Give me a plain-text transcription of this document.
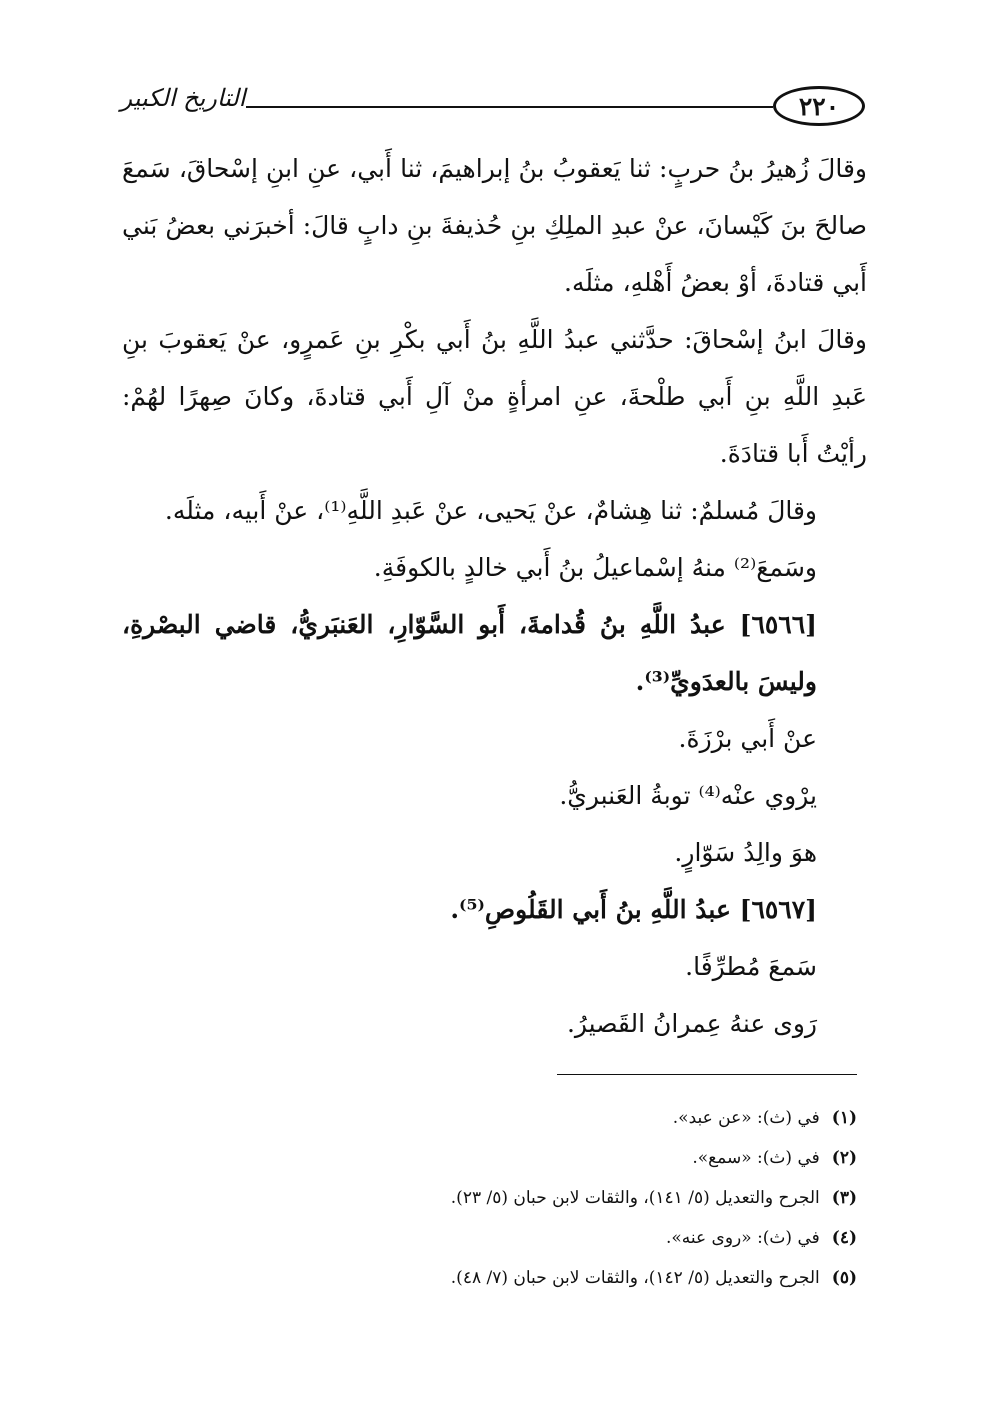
التاريخ الكبير	٢٢٠

وقالَ زُهيرُ بنُ حربٍ: ثنا يَعقوبُ بنُ إبراهيمَ، ثنا أَبي، عنِ ابنِ إسْحاقَ، سَمعَ صالحَ بنَ كَيْسانَ، عنْ عبدِ الملِكِ بنِ حُذيفةَ بنِ دابٍ قالَ: أخبرَني بعضُ بَني أَبي قتادةَ، أوْ بعضُ أَهْلهِ، مثلَه.

وقالَ ابنُ إسْحاقَ: حدَّثني عبدُ اللَّهِ بنُ أَبي بكْرِ بنِ عَمرٍو، عنْ يَعقوبَ بنِ عَبدِ اللَّهِ بنِ أَبي طلْحةَ، عنِ امرأةٍ منْ آلِ أَبي قتادةَ، وكانَ صِهرًا لهُمْ: رأيْتُ أَبا قتادَةَ.

وقالَ مُسلمٌ: ثنا هِشامٌ، عنْ يَحيى، عنْ عَبدِ اللَّهِ⁽¹⁾، عنْ أَبيه، مثلَه.

وسَمعَ⁽²⁾ منهُ إسْماعيلُ بنُ أَبي خالدٍ بالكوفَةِ.

[٦٥٦٦] عبدُ اللَّهِ بنُ قُدامةَ، أَبو السَّوّارِ، العَنبَريُّ، قاضي البصْرةِ، وليسَ بالعدَويِّ⁽³⁾.

عنْ أَبي برْزَةَ.

يرْوي عنْه⁽⁴⁾ توبةُ العَنبريُّ.

هوَ والِدُ سَوّارٍ.

[٦٥٦٧] عبدُ اللَّهِ بنُ أَبي القَلُوصِ⁽⁵⁾.

سَمعَ مُطرِّفًا.

رَوى عنهُ عِمرانُ القَصيرُ.

(١)في (ث): «عن عبد».

(٢)في (ث): «سمع».

(٣)الجرح والتعديل (٥/ ١٤١)، والثقات لابن حبان (٥/ ٢٣).

(٤)في (ث): «روى عنه».

(٥)الجرح والتعديل (٥/ ١٤٢)، والثقات لابن حبان (٧/ ٤٨).
